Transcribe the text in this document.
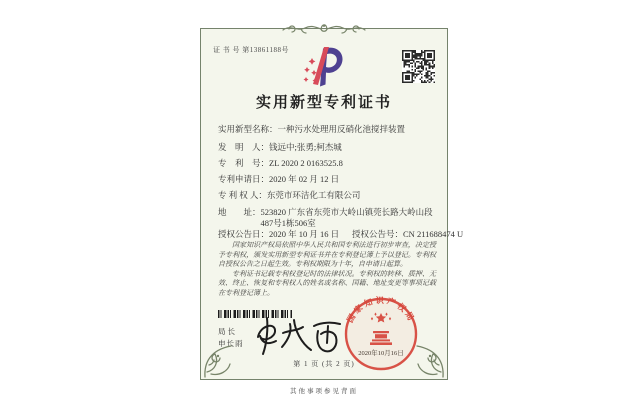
证 书 号 第13861188号
实用新型专利证书
实用新型名称： 一种污水处理用反硝化池搅拌装置
发　明　人： 钱远中;张勇;柯杰城
专　利　号： ZL 2020 2 0163525.8
专利申请日： 2020 年 02 月 12 日
专 利 权 人： 东莞市环洁化工有限公司
地　　址： 523820 广东省东莞市大岭山镇莞长路大岭山段487号1栋506室
授权公告日： 2020 年 10 月 16 日 授权公告号：CN 211688474 U

国家知识产权局依照中华人民共和国专利法进行初步审查，决定授予专利权，颁发实用新型专利证书并在专利登记簿上予以登记。专利权自授权公告之日起生效。专利权期限为十年，自申请日起算。

专利证书记载专利权登记时的法律状况。专利权的转移、质押、无效、终止、恢复和专利权人的姓名或名称、国籍、地址变更等事项记载在专利登记簿上。

局长
申长雨
国家知识产权局
2020年10月16日
第 1 页 (共 2 页)
其他事项参见背面
